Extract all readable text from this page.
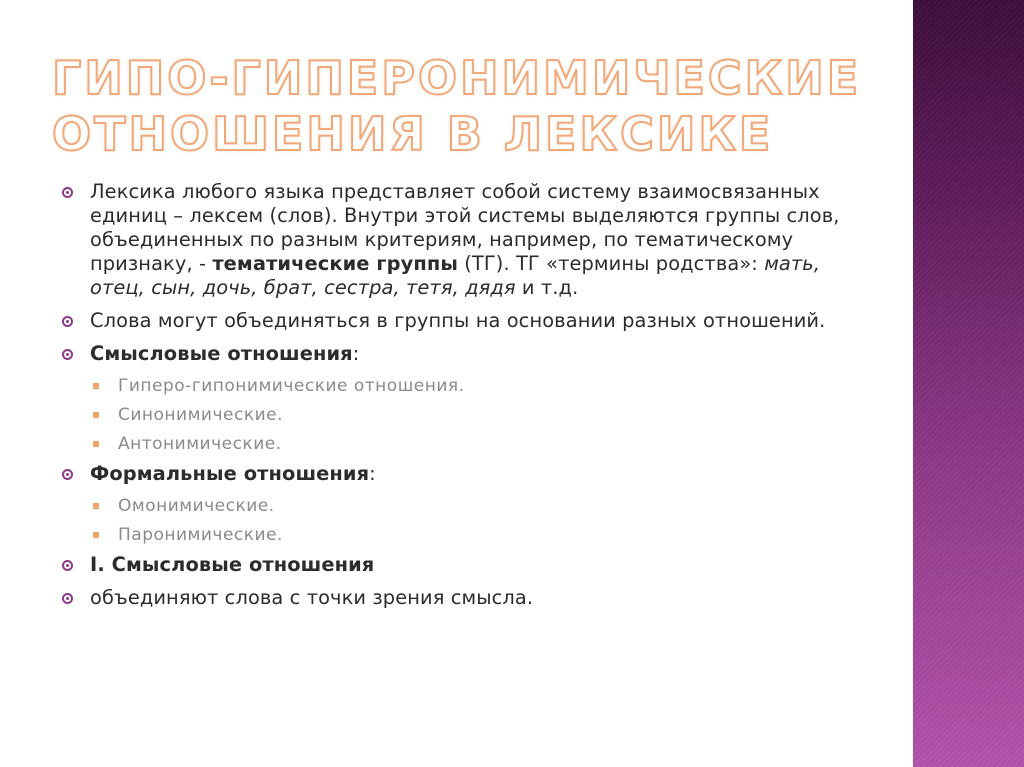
ГИПО-ГИПЕРОНИМИЧЕСКИЕ
ОТНОШЕНИЯ В ЛЕКСИКЕ
Лексика любого языка представляет собой систему взаимосвязанных единиц – лексем (слов). Внутри этой системы выделяются группы слов, объединенных по разным критериям, например, по тематическому признаку, - тематические группы (ТГ). ТГ «термины родства»: мать, отец, сын, дочь, брат, сестра, тетя, дядя и т.д.
Слова могут объединяться в группы на основании разных отношений.
Смысловые отношения:
Гиперо-гипонимические отношения.
Синонимические.
Антонимические.
Формальные отношения:
Омонимические.
Паронимические.
I. Смысловые отношения
объединяют слова с точки зрения смысла.
